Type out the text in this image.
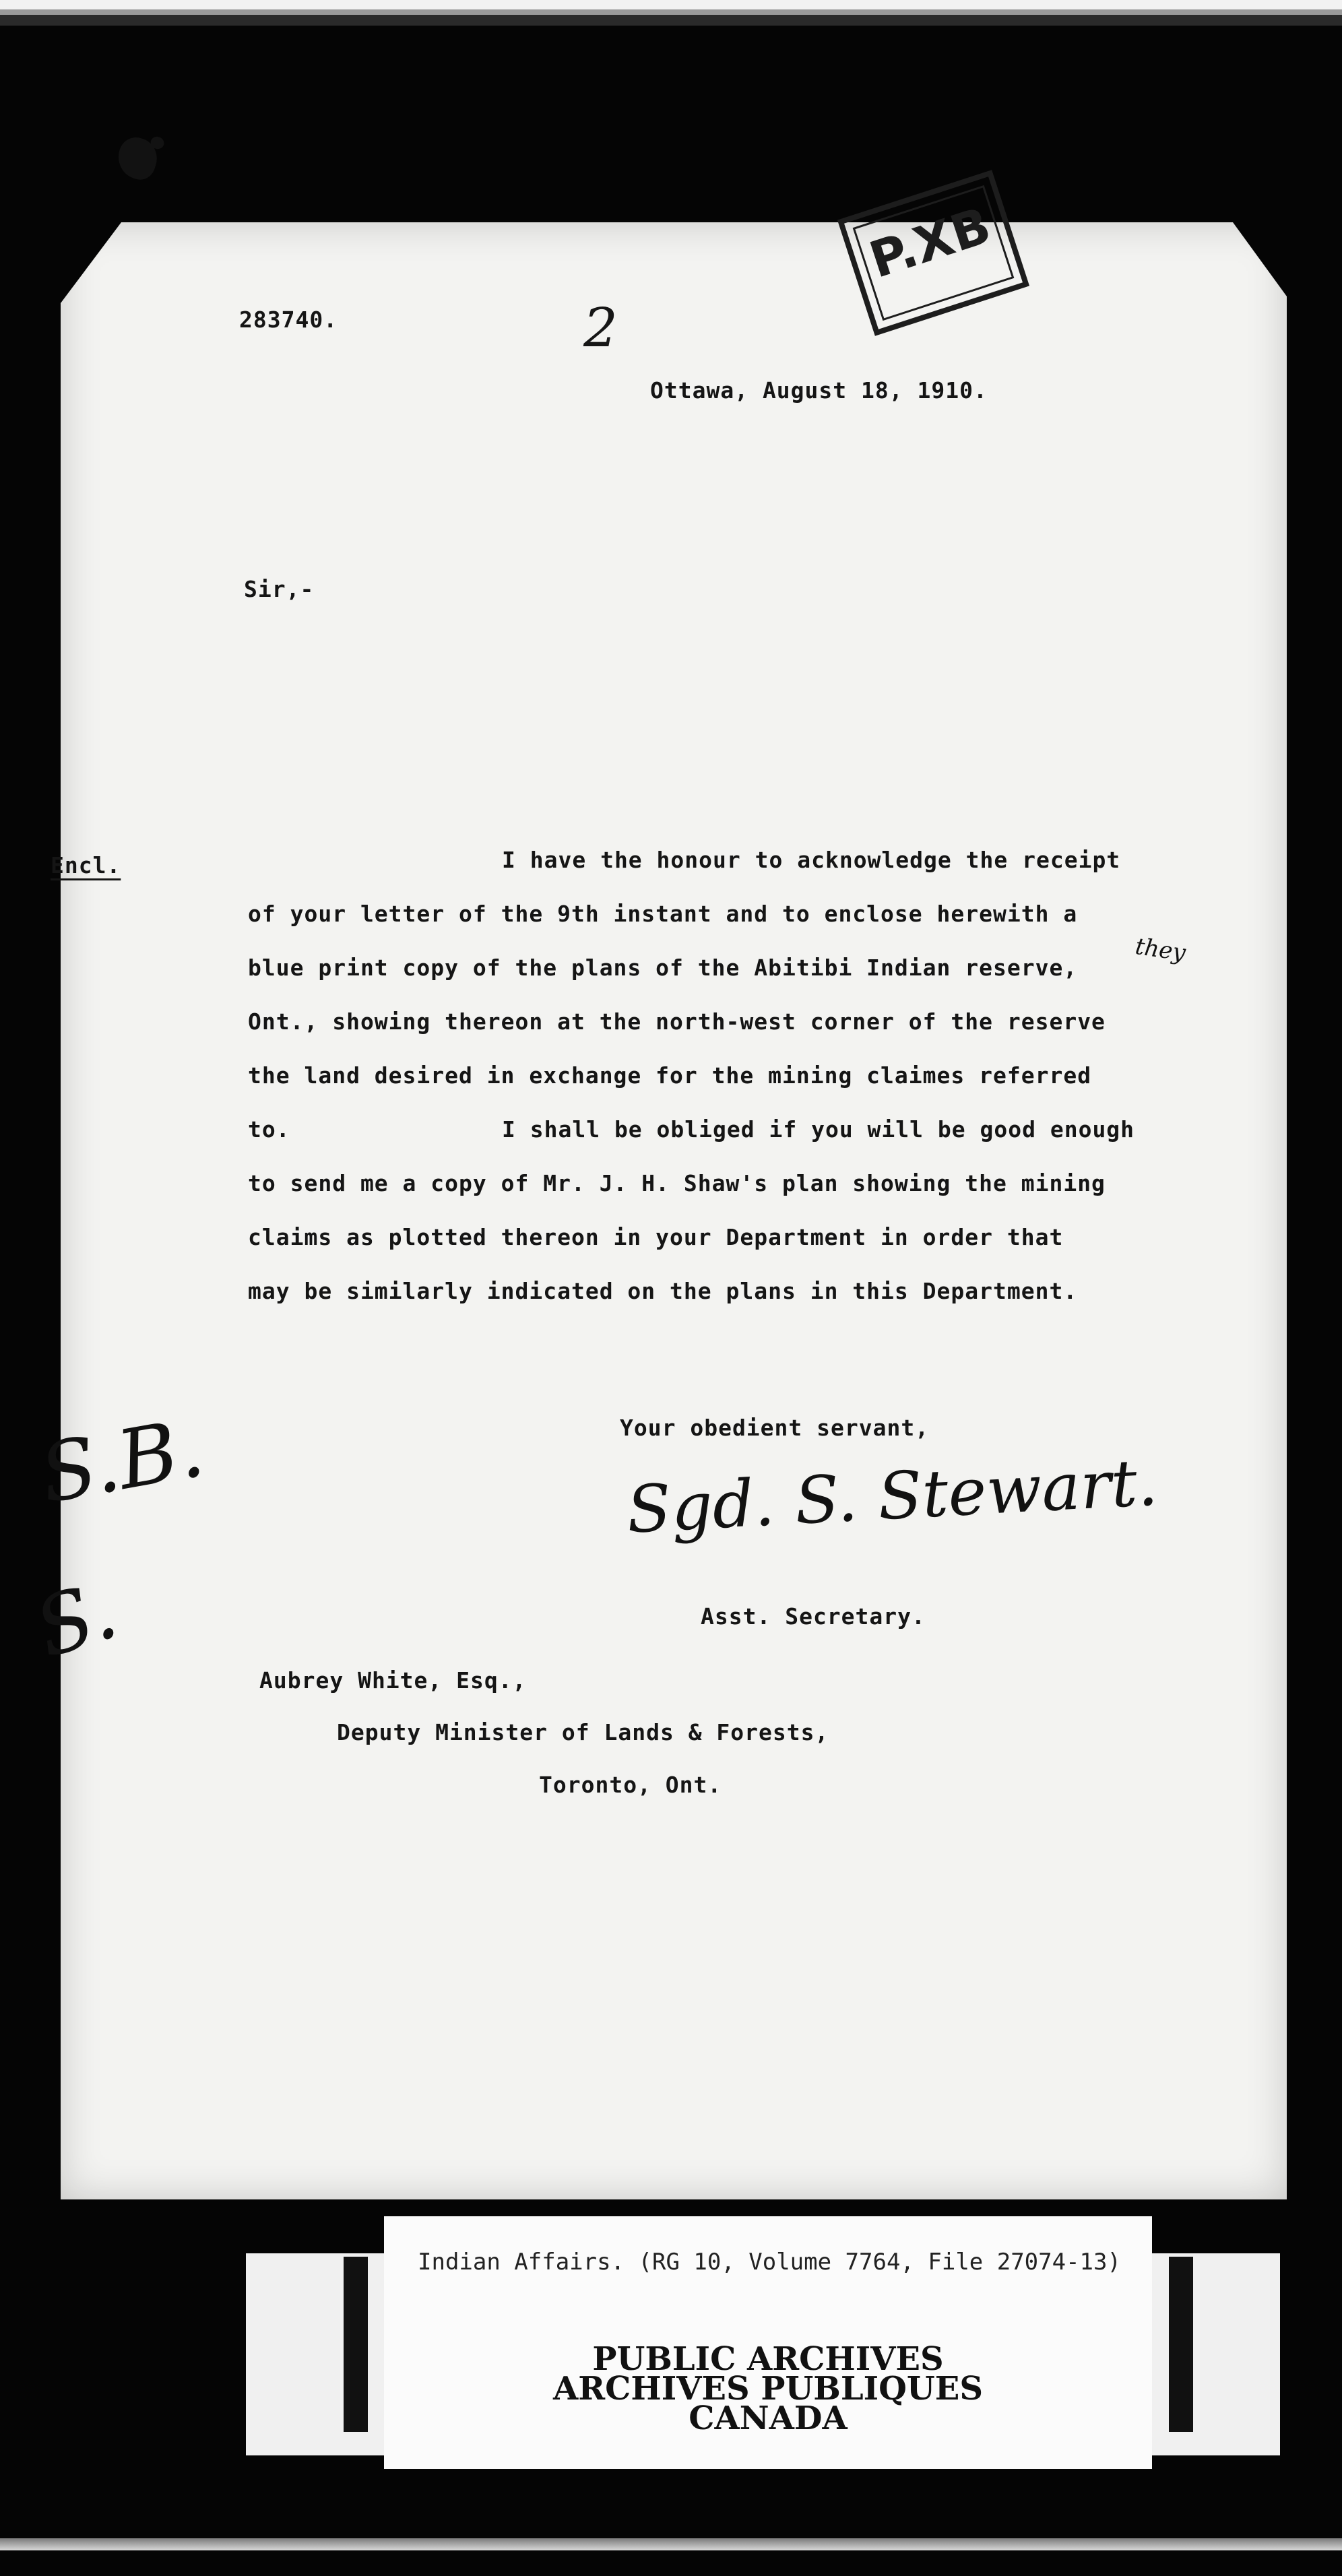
2
P.XB
283740.
Ottawa, August 18, 1910.
Sir,-
Encl.	I have the honour to acknowledge the receipt
of your letter of the 9th instant and to enclose herewith a
blue print copy of the plans of the Abitibi Indian reserve,
Ont., showing thereon at the north-west corner of the reserve
the land desired in exchange for the mining claimes referred
to.	I shall be obliged if you will be good enough
to send me a copy of Mr. J. H. Shaw's plan showing the mining
claims as plotted thereon in your Department in order that
they
may be similarly indicated on the plans in this Department.
Your obedient servant,
Sgd. S. Stewart.
Asst. Secretary.
S.B.
S.
Aubrey White, Esq.,
Deputy Minister of Lands & Forests,
Toronto, Ont.
Indian Affairs. (RG 10, Volume 7764, File 27074-13)
PUBLIC ARCHIVES
ARCHIVES PUBLIQUES
CANADA
